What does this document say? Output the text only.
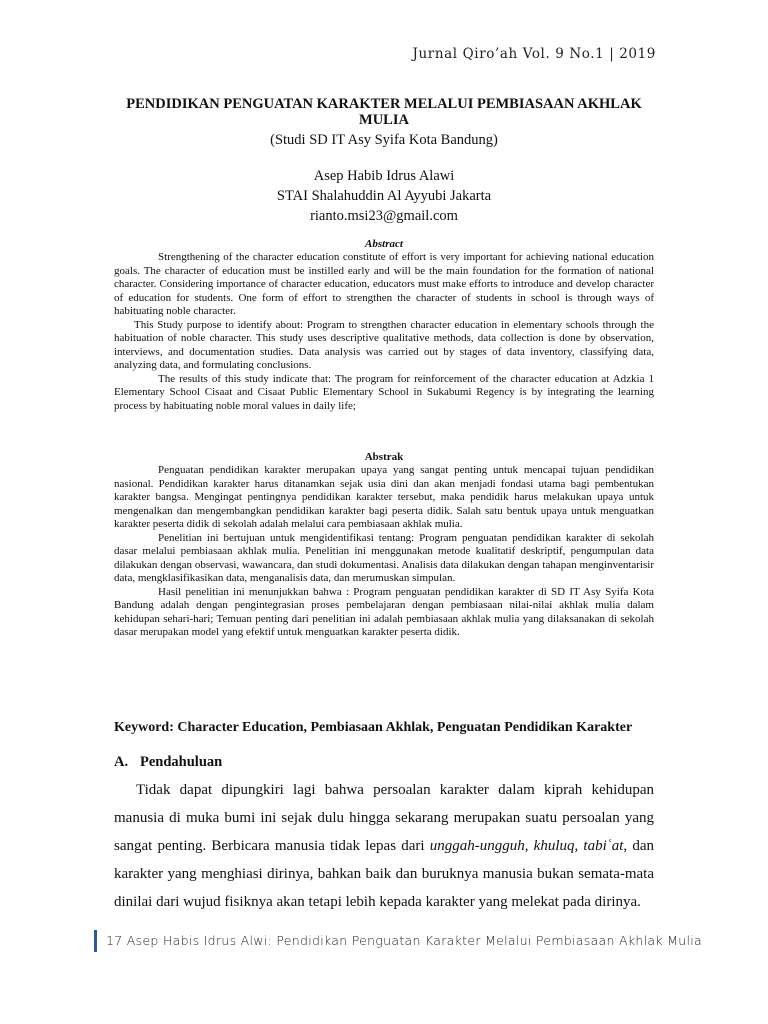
Jurnal Qiro’ah Vol. 9 No.1 | 2019
PENDIDIKAN PENGUATAN KARAKTER MELALUI PEMBIASAAN AKHLAK
MULIA
(Studi SD IT Asy Syifa Kota Bandung)
Asep Habib Idrus Alawi
STAI Shalahuddin Al Ayyubi Jakarta
rianto.msi23@gmail.com
Abstract

Strengthening of the character education constitute of effort is very important for achieving national education goals. The character of education must be instilled early and will be the main foundation for the formation of national character. Considering importance of character education, educators must make efforts to introduce and develop character of education for students. One form of effort to strengthen the character of students in school is through ways of habituating noble character.

This Study purpose to identify about: Program to strengthen character education in elementary schools through the habituation of noble character. This study uses descriptive qualitative methods, data collection is done by observation, interviews, and documentation studies. Data analysis was carried out by stages of data inventory, classifying data, analyzing data, and formulating conclusions.

The results of this study indicate that: The program for reinforcement of the character education at Adzkia 1 Elementary School Cisaat and Cisaat Public Elementary School in Sukabumi Regency is by integrating the learning process by habituating noble moral values in daily life;

Abstrak

Penguatan pendidikan karakter merupakan upaya yang sangat penting untuk mencapai tujuan pendidikan nasional. Pendidikan karakter harus ditanamkan sejak usia dini dan akan menjadi fondasi utama bagi pembentukan karakter bangsa. Mengingat pentingnya pendidikan karakter tersebut, maka pendidik harus melakukan upaya untuk mengenalkan dan mengembangkan pendidikan karakter bagi peserta didik. Salah satu bentuk upaya untuk menguatkan karakter peserta didik di sekolah adalah melalui cara pembiasaan akhlak mulia.

Penelitian ini bertujuan untuk mengidentifikasi tentang: Program penguatan pendidikan karakter di sekolah dasar melalui pembiasaan akhlak mulia. Penelitian ini menggunakan metode kualitatif deskriptif, pengumpulan data dilakukan dengan observasi, wawancara, dan studi dokumentasi. Analisis data dilakukan dengan tahapan menginventarisir data, mengklasifikasikan data, menganalisis data, dan merumuskan simpulan.

Hasil penelitian ini menunjukkan bahwa : Program penguatan pendidikan karakter di SD IT Asy Syifa Kota Bandung adalah dengan pengintegrasian proses pembelajaran dengan pembiasaan nilai-nilai akhlak mulia dalam kehidupan sehari-hari; Temuan penting dari penelitian ini adalah pembiasaan akhlak mulia yang dilaksanakan di sekolah dasar merupakan model yang efektif untuk menguatkan karakter peserta didik.

Keyword: Character Education, Pembiasaan Akhlak, Penguatan Pendidikan Karakter
A. Pendahuluan

Tidak dapat dipungkiri lagi bahwa persoalan karakter dalam kiprah kehidupan manusia di muka bumi ini sejak dulu hingga sekarang merupakan suatu persoalan yang sangat penting. Berbicara manusia tidak lepas dari unggah-ungguh, khuluq, tabiʿat, dan karakter yang menghiasi dirinya, bahkan baik dan buruknya manusia bukan semata-mata dinilai dari wujud fisiknya akan tetapi lebih kepada karakter yang melekat pada dirinya.

17 Asep Habis Idrus Alwi: Pendidikan Penguatan Karakter Melalui Pembiasaan Akhlak Mulia
